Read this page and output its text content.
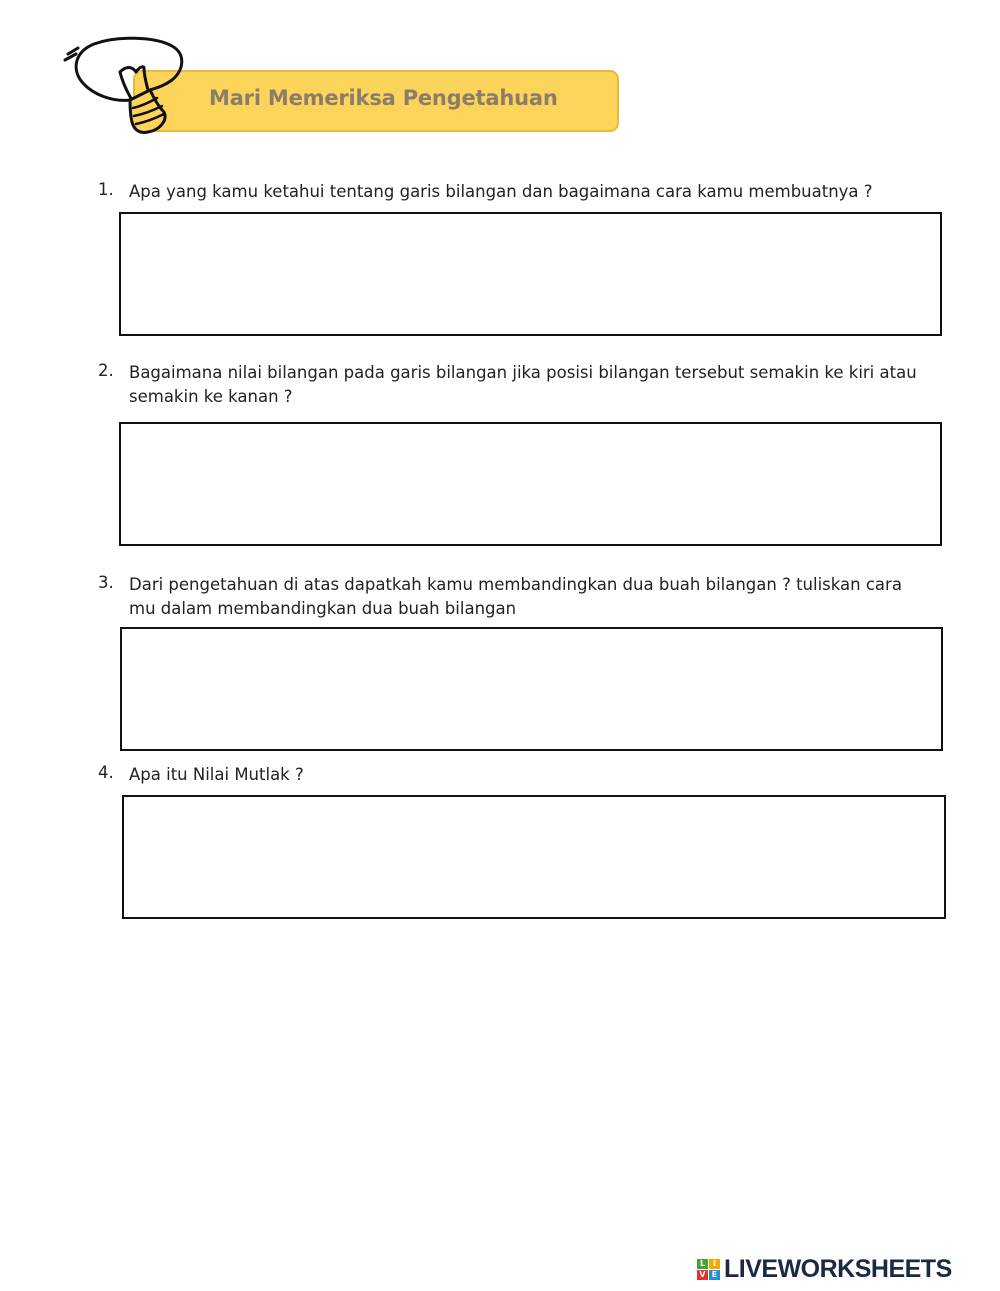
Mari Memeriksa Pengetahuan
1. Apa yang kamu ketahui tentang garis bilangan dan bagaimana cara kamu membuatnya ?
2. Bagaimana nilai bilangan pada garis bilangan jika posisi bilangan tersebut semakin ke kiri atau semakin ke kanan ?
3. Dari pengetahuan di atas dapatkah kamu membandingkan dua buah bilangan ? tuliskan cara mu dalam membandingkan dua buah bilangan
4. Apa itu Nilai Mutlak ?
L I
V E LIVEWORKSHEETS
